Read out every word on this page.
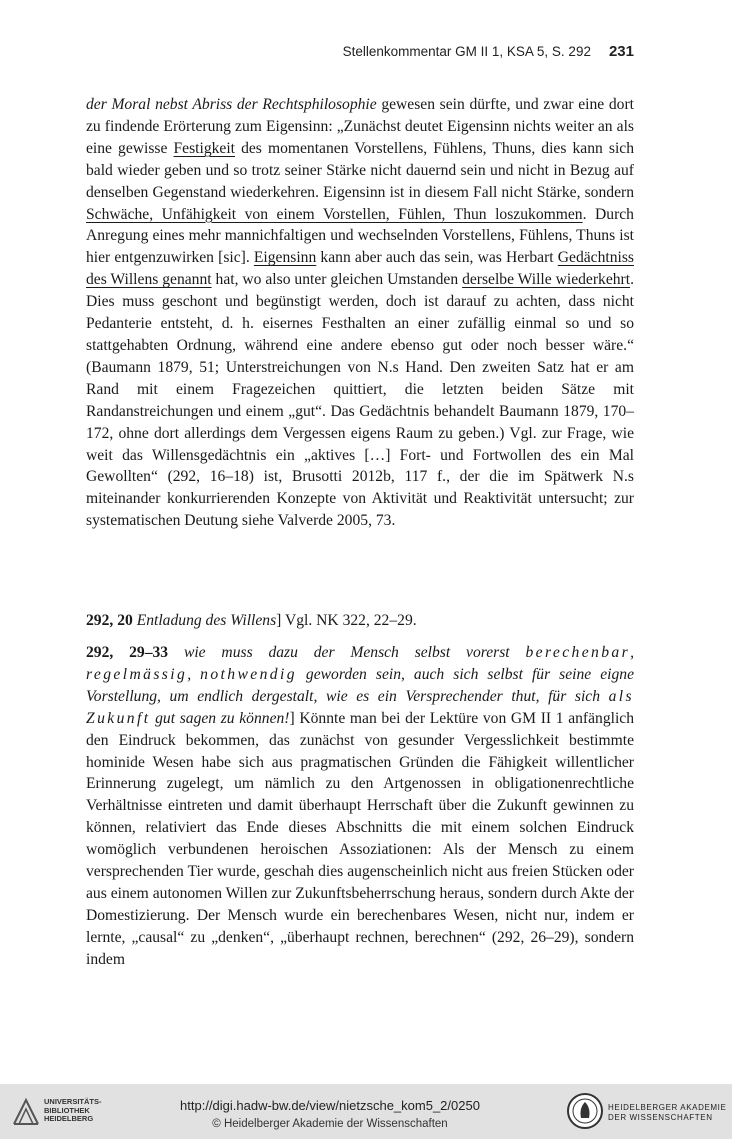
Stellenkommentar GM II 1, KSA 5, S. 292 231

der Moral nebst Abriss der Rechtsphilosophie gewesen sein dürfte, und zwar eine dort zu findende Erörterung zum Eigensinn: „Zunächst deutet Eigensinn nichts weiter an als eine gewisse Festigkeit des momentanen Vorstellens, Fühlens, Thuns, dies kann sich bald wieder geben und so trotz seiner Stärke nicht dauernd sein und nicht in Bezug auf denselben Gegenstand wiederkehren. Eigensinn ist in diesem Fall nicht Stärke, sondern Schwäche, Unfähigkeit von einem Vorstellen, Fühlen, Thun loszukommen. Durch Anregung eines mehr mannichfaltigen und wechselnden Vorstellens, Fühlens, Thuns ist hier entgenzuwirken [sic]. Eigensinn kann aber auch das sein, was Herbart Gedächtniss des Willens genannt hat, wo also unter gleichen Umstanden derselbe Wille wiederkehrt. Dies muss geschont und begünstigt werden, doch ist darauf zu achten, dass nicht Pedanterie entsteht, d. h. eisernes Festhalten an einer zufällig einmal so und so stattgehabten Ordnung, während eine andere ebenso gut oder noch besser wäre.“ (Baumann 1879, 51; Unterstreichungen von N.s Hand. Den zweiten Satz hat er am Rand mit einem Fragezeichen quittiert, die letzten beiden Sätze mit Randanstreichungen und einem „gut“. Das Gedächtnis behandelt Baumann 1879, 170–172, ohne dort allerdings dem Vergessen eigens Raum zu geben.) Vgl. zur Frage, wie weit das Willensgedächtnis ein „aktives […] Fort- und Fortwollen des ein Mal Gewollten“ (292, 16–18) ist, Brusotti 2012b, 117 f., der die im Spätwerk N.s miteinander konkurrierenden Konzepte von Aktivität und Reaktivität untersucht; zur systematischen Deutung siehe Valverde 2005, 73.

292, 20 Entladung des Willens] Vgl. NK 322, 22–29.

292, 29–33 wie muss dazu der Mensch selbst vorerst berechenbar, regelmässig, nothwendig geworden sein, auch sich selbst für seine eigne Vorstellung, um endlich dergestalt, wie es ein Versprechender thut, für sich als Zukunft gut sagen zu können!] Könnte man bei der Lektüre von GM II 1 anfänglich den Eindruck bekommen, das zunächst von gesunder Vergesslichkeit bestimmte hominide Wesen habe sich aus pragmatischen Gründen die Fähigkeit willentlicher Erinnerung zugelegt, um nämlich zu den Artgenossen in obligationenrechtliche Verhältnisse eintreten und damit überhaupt Herrschaft über die Zukunft gewinnen zu können, relativiert das Ende dieses Abschnitts die mit einem solchen Eindruck womöglich verbundenen heroischen Assoziationen: Als der Mensch zu einem versprechenden Tier wurde, geschah dies augenscheinlich nicht aus freien Stücken oder aus einem autonomen Willen zur Zukunftsbeherrschung heraus, sondern durch Akte der Domestizierung. Der Mensch wurde ein berechenbares Wesen, nicht nur, indem er lernte, „causal“ zu „denken“, „überhaupt rechnen, berechnen“ (292, 26–29), sondern indem

UNIVERSITÄTS-
BIBLIOTHEK
HEIDELBERG
http://digi.hadw-bw.de/view/nietzsche_kom5_2/0250
© Heidelberger Akademie der Wissenschaften
HEIDELBERGER AKADEMIE
DER WISSENSCHAFTEN
